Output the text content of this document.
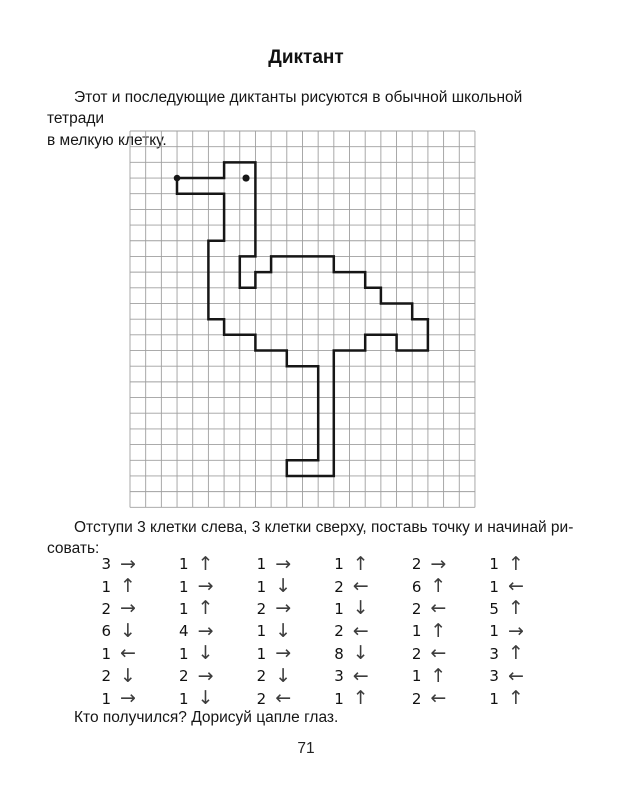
Диктант

Этот и последующие диктанты рисуются в обычной школьной тетради
в мелкую клетку.

Отступи 3 клетки слева, 3 клетки сверху, поставь точку и начинай ри-
совать:

3 →	1 ↑	1 →	1 ↑	2 →	1 ↑
1 ↑	1 →	1 ↓	2 ←	6 ↑	1 ←
2 →	1 ↑	2 →	1 ↓	2 ←	5 ↑
6 ↓	4 →	1 ↓	2 ←	1 ↑	1 →
1 ←	1 ↓	1 →	8 ↓	2 ←	3 ↑
2 ↓	2 →	2 ↓	3 ←	1 ↑	3 ←
1 →	1 ↓	2 ←	1 ↑	2 ←	1 ↑

Кто получился? Дорисуй цапле глаз.

71
